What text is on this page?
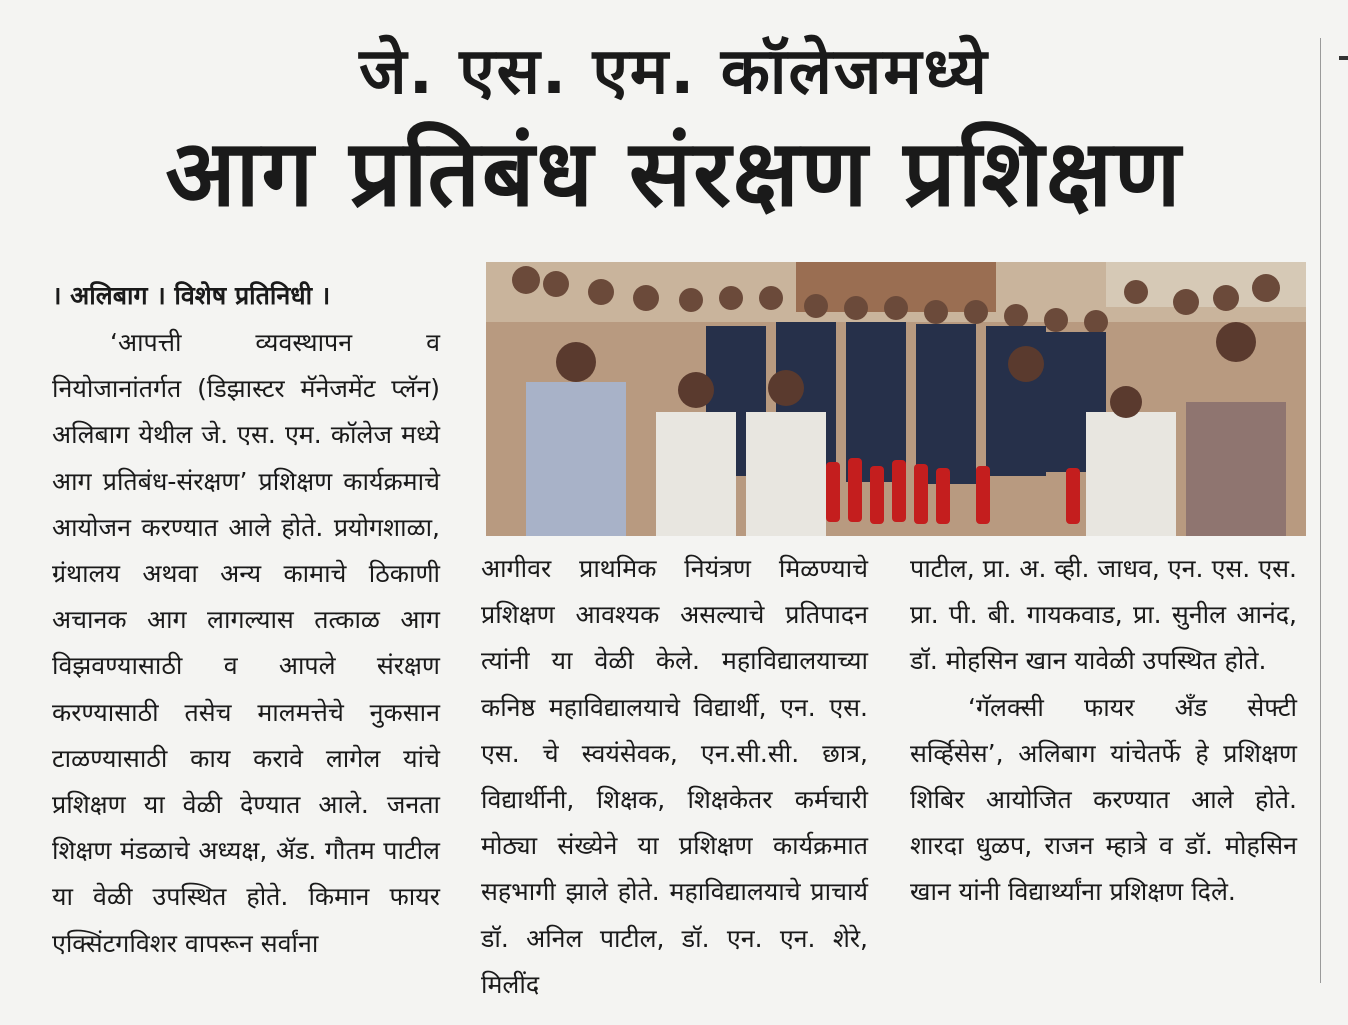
जे. एस. एम. कॉलेजमध्ये
आग प्रतिबंध संरक्षण प्रशिक्षण
। अलिबाग । विशेष प्रतिनिधी ।

‘आपत्ती व्यवस्थापन व नियोजानांतर्गत (डिझास्टर मॅनेजमेंट प्लॅन) अलिबाग येथील जे. एस. एम. कॉलेज मध्ये आग प्रतिबंध-संरक्षण’ प्रशिक्षण कार्यक्रमाचे आयोजन करण्यात आले होते. प्रयोगशाळा, ग्रंथालय अथवा अन्य कामाचे ठिकाणी अचानक आग लागल्यास तत्काळ आग विझवण्यासाठी व आपले संरक्षण करण्यासाठी तसेच मालमत्तेचे नुकसान टाळण्यासाठी काय करावे लागेल यांचे प्रशिक्षण या वेळी देण्यात आले. जनता शिक्षण मंडळाचे अध्यक्ष, ॲड. गौतम पाटील या वेळी उपस्थित होते. किमान फायर एक्सिंटगविशर वापरून सर्वांना

आगीवर प्राथमिक नियंत्रण मिळण्याचे प्रशिक्षण आवश्यक असल्याचे प्रतिपादन त्यांनी या वेळी केले. महाविद्यालयाच्या कनिष्ठ महाविद्यालयाचे विद्यार्थी, एन. एस. एस. चे स्वयंसेवक, एन.सी.सी. छात्र, विद्यार्थीनी, शिक्षक, शिक्षकेतर कर्मचारी मोठ्या संख्येने या प्रशिक्षण कार्यक्रमात सहभागी झाले होते. महाविद्यालयाचे प्राचार्य डॉ. अनिल पाटील, डॉ. एन. एन. शेरे, मिलींद

पाटील, प्रा. अ. व्ही. जाधव, एन. एस. एस. प्रा. पी. बी. गायकवाड, प्रा. सुनील आनंद, डॉ. मोहसिन खान यावेळी उपस्थित होते.

‘गॅलक्सी फायर अँड सेफ्टी सर्व्हिसेस’, अलिबाग यांचेतर्फे हे प्रशिक्षण शिबिर आयोजित करण्यात आले होते. शारदा धुळप, राजन म्हात्रे व डॉ. मोहसिन खान यांनी विद्यार्थ्यांना प्रशिक्षण दिले.
